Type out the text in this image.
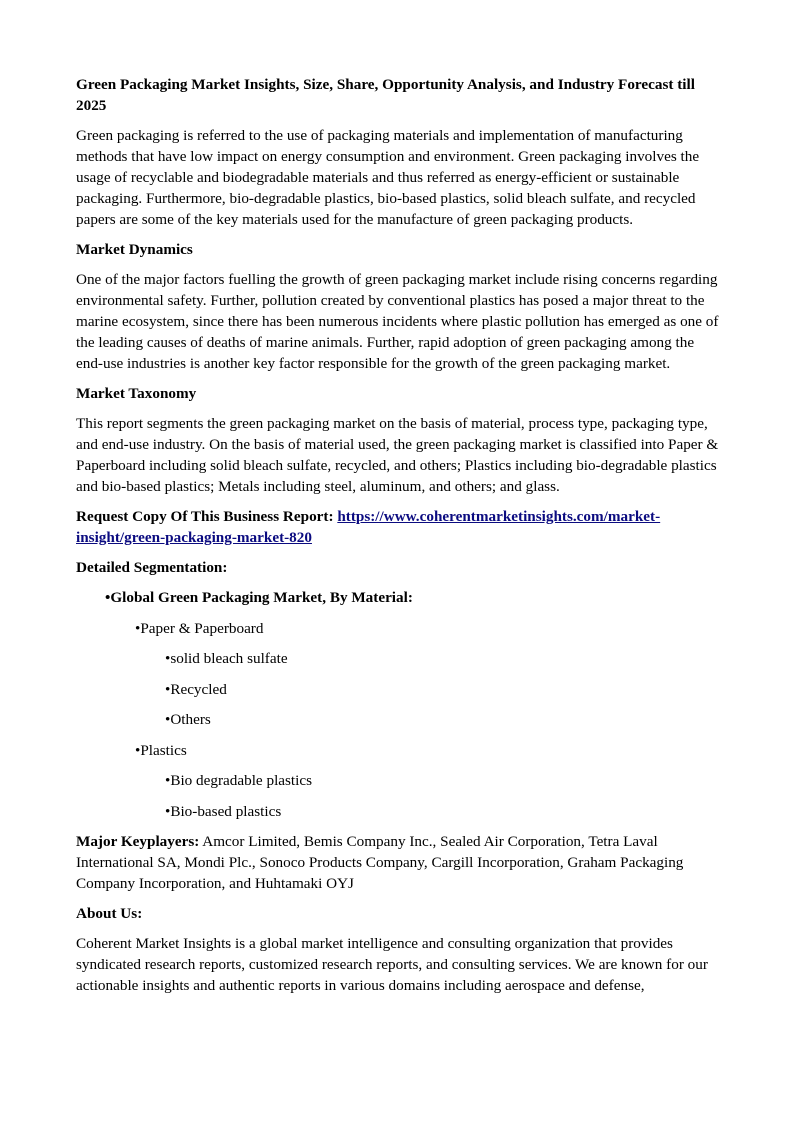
Green Packaging Market Insights, Size, Share, Opportunity Analysis, and Industry Forecast till 2025

Green packaging is referred to the use of packaging materials and implementation of manufacturing methods that have low impact on energy consumption and environment. Green packaging involves the usage of recyclable and biodegradable materials and thus referred as energy-efficient or sustainable packaging. Furthermore, bio-degradable plastics, bio-based plastics, solid bleach sulfate, and recycled papers are some of the key materials used for the manufacture of green packaging products.

Market Dynamics

One of the major factors fuelling the growth of green packaging market include rising concerns regarding environmental safety. Further, pollution created by conventional plastics has posed a major threat to the marine ecosystem, since there has been numerous incidents where plastic pollution has emerged as one of the leading causes of deaths of marine animals. Further, rapid adoption of green packaging among the end-use industries is another key factor responsible for the growth of the green packaging market.

Market Taxonomy

This report segments the green packaging market on the basis of material, process type, packaging type, and end-use industry. On the basis of material used, the green packaging market is classified into Paper & Paperboard including solid bleach sulfate, recycled, and others; Plastics including bio-degradable plastics and bio-based plastics; Metals including steel, aluminum, and others; and glass.

Request Copy Of This Business Report: https://www.coherentmarketinsights.com/market-insight/green-packaging-market-820

Detailed Segmentation:

•Global Green Packaging Market, By Material:
•Paper & Paperboard
•solid bleach sulfate
•Recycled
•Others
•Plastics
•Bio degradable plastics
•Bio-based plastics

Major Keyplayers: Amcor Limited, Bemis Company Inc., Sealed Air Corporation, Tetra Laval International SA, Mondi Plc., Sonoco Products Company, Cargill Incorporation, Graham Packaging Company Incorporation, and Huhtamaki OYJ

About Us:

Coherent Market Insights is a global market intelligence and consulting organization that provides syndicated research reports, customized research reports, and consulting services. We are known for our actionable insights and authentic reports in various domains including aerospace and defense,
